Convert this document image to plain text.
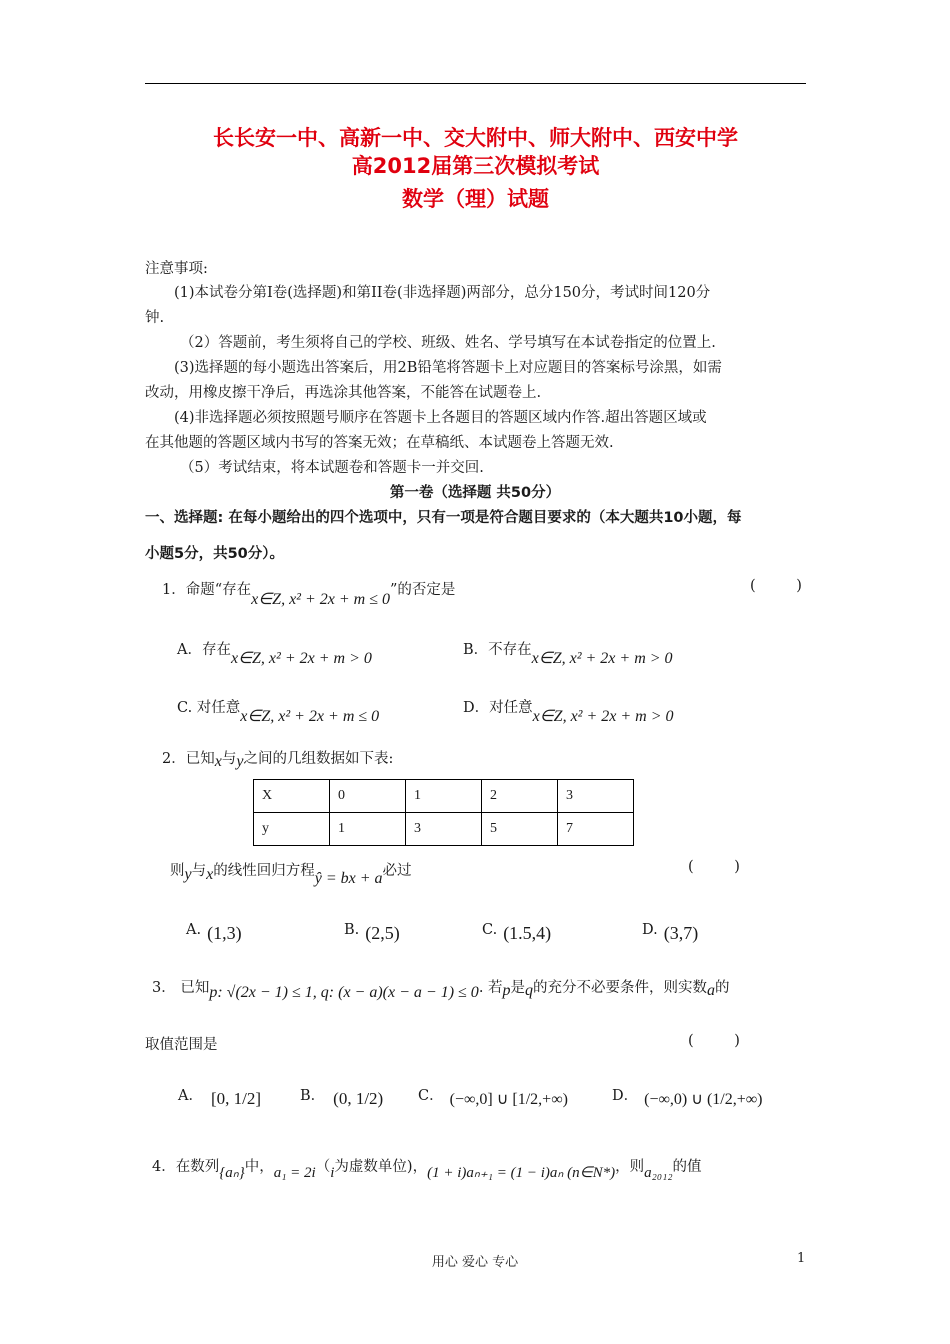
长长安一中、高新一中、交大附中、师大附中、西安中学
高2012届第三次模拟考试
数学（理）试题
注意事项:
(1)本试卷分第I卷(选择题)和第II卷(非选择题)两部分，总分150分，考试时间120分
钟.
（2）答题前，考生须将自己的学校、班级、姓名、学号填写在本试卷指定的位置上.
(3)选择题的每小题选出答案后，用2B铅笔将答题卡上对应题目的答案标号涂黑，如需
改动，用橡皮擦干净后，再选涂其他答案，不能答在试题卷上.
(4)非选择题必须按照题号顺序在答题卡上各题目的答题区域内作答.超出答题区域或
在其他题的答题区域内书写的答案无效；在草稿纸、本试题卷上答题无效.
（5）考试结束，将本试题卷和答题卡一并交回.
第一卷（选择题 共50分）
一、选择题: 在每小题给出的四个选项中，只有一项是符合题目要求的（本大题共10小题，每
小题5分，共50分）。
1．命题“存在x∈Z, x² + 2x + m ≤ 0”的否定是	( )
A．存在x∈Z, x² + 2x + m > 0	B．不存在x∈Z, x² + 2x + m > 0
C. 对任意x∈Z, x² + 2x + m ≤ 0	D．对任意x∈Z, x² + 2x + m > 0
2．已知x与y之间的几组数据如下表:
X	0	1	2	3
y	1	3	5	7
则y与x的线性回归方程ŷ = bx + a必过	( )
A. (1,3)	B. (2,5)	C. (1.5,4)	D. (3,7)
3． 已知p: √(2x − 1) ≤ 1, q: (x − a)(x − a − 1) ≤ 0. 若p是q的充分不必要条件，则实数a的
取值范围是	( )
A． [0, 1/2]	B． (0, 1/2) C． (−∞,0] ∪ [1/2,+∞)	D． (−∞,0) ∪ (1/2,+∞)
4．在数列{aₙ}中，a₁ = 2i（i为虚数单位)，(1 + i)aₙ₊₁ = (1 − i)aₙ (n∈N*)，则a₂₀₁₂的值
用心 爱心 专心	1
